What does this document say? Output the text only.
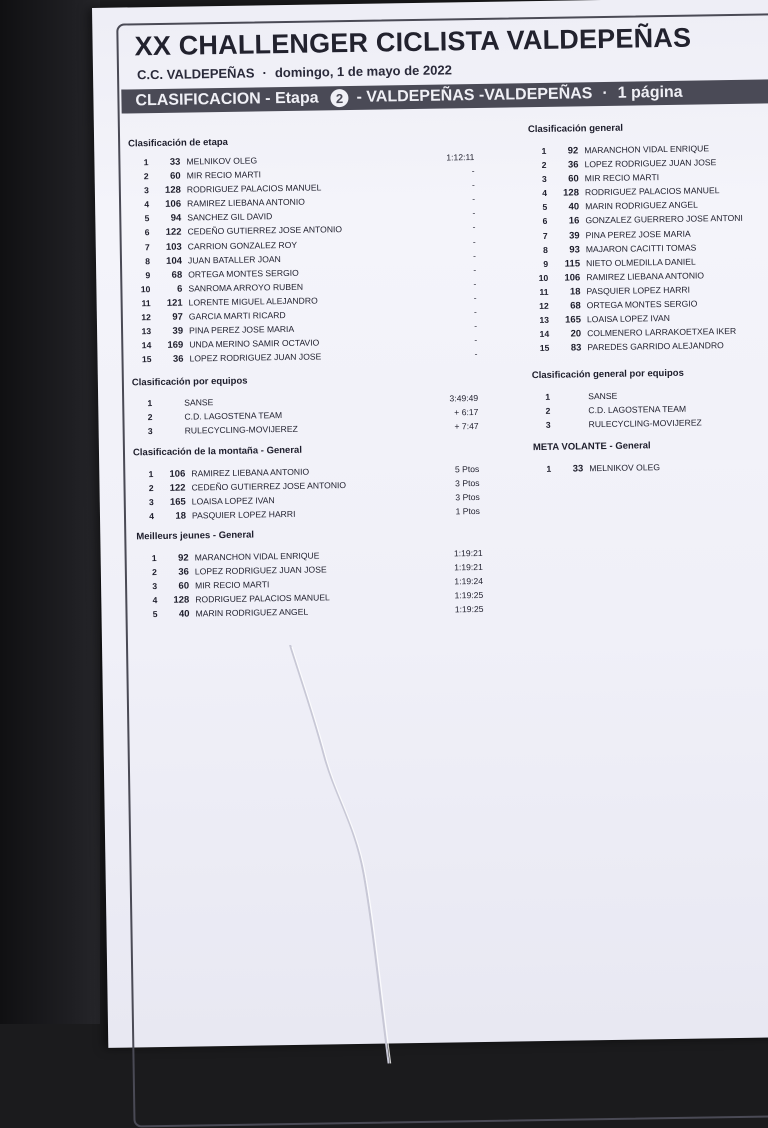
XX CHALLENGER CICLISTA VALDEPEÑAS
C.C. VALDEPEÑAS · domingo, 1 de mayo de 2022
CLASIFICACION - Etapa	2 - VALDEPEÑAS -VALDEPEÑAS · 1 página
Clasificación de etapa
1	33 MELNIKOV OLEG	1:12:11
2	60 MIR RECIO MARTI	-
3	128 RODRIGUEZ PALACIOS MANUEL	-
4	106 RAMIREZ LIEBANA ANTONIO	-
5	94 SANCHEZ GIL DAVID	-
6	122 CEDEÑO GUTIERREZ JOSE ANTONIO	-
7	103 CARRION GONZALEZ ROY	-
8	104 JUAN BATALLER JOAN	-
9	68 ORTEGA MONTES SERGIO	-
10	6 SANROMA ARROYO RUBEN	-
11	121 LORENTE MIGUEL ALEJANDRO	-
12	97 GARCIA MARTI RICARD	-
13	39 PINA PEREZ JOSE MARIA	-
14	169 UNDA MERINO SAMIR OCTAVIO	-
15	36 LOPEZ RODRIGUEZ JUAN JOSE	-
Clasificación por equipos
1	SANSE	3:49:49
2	C.D. LAGOSTENA TEAM	+ 6:17
3	RULECYCLING-MOVIJEREZ	+ 7:47
Clasificación de la montaña - General
1	106 RAMIREZ LIEBANA ANTONIO	5 Ptos
2	122 CEDEÑO GUTIERREZ JOSE ANTONIO	3 Ptos
3	165 LOAISA LOPEZ IVAN	3 Ptos
4	18 PASQUIER LOPEZ HARRI	1 Ptos
Meilleurs jeunes - General
1	92 MARANCHON VIDAL ENRIQUE	1:19:21
2	36 LOPEZ RODRIGUEZ JUAN JOSE	1:19:21
3	60 MIR RECIO MARTI	1:19:24
4	128 RODRIGUEZ PALACIOS MANUEL	1:19:25
5	40 MARIN RODRIGUEZ ANGEL	1:19:25
Clasificación general
1	92 MARANCHON VIDAL ENRIQUE
2	36 LOPEZ RODRIGUEZ JUAN JOSE
3	60 MIR RECIO MARTI
4	128 RODRIGUEZ PALACIOS MANUEL
5	40 MARIN RODRIGUEZ ANGEL
6	16 GONZALEZ GUERRERO JOSE ANTONI
7	39 PINA PEREZ JOSE MARIA
8	93 MAJARON CACITTI TOMAS
9	115 NIETO OLMEDILLA DANIEL
10	106 RAMIREZ LIEBANA ANTONIO
11	18 PASQUIER LOPEZ HARRI
12	68 ORTEGA MONTES SERGIO
13	165 LOAISA LOPEZ IVAN
14	20 COLMENERO LARRAKOETXEA IKER
15	83 PAREDES GARRIDO ALEJANDRO
Clasificación general por equipos
1	SANSE
2	C.D. LAGOSTENA TEAM
3	RULECYCLING-MOVIJEREZ
META VOLANTE - General
1	33 MELNIKOV OLEG
